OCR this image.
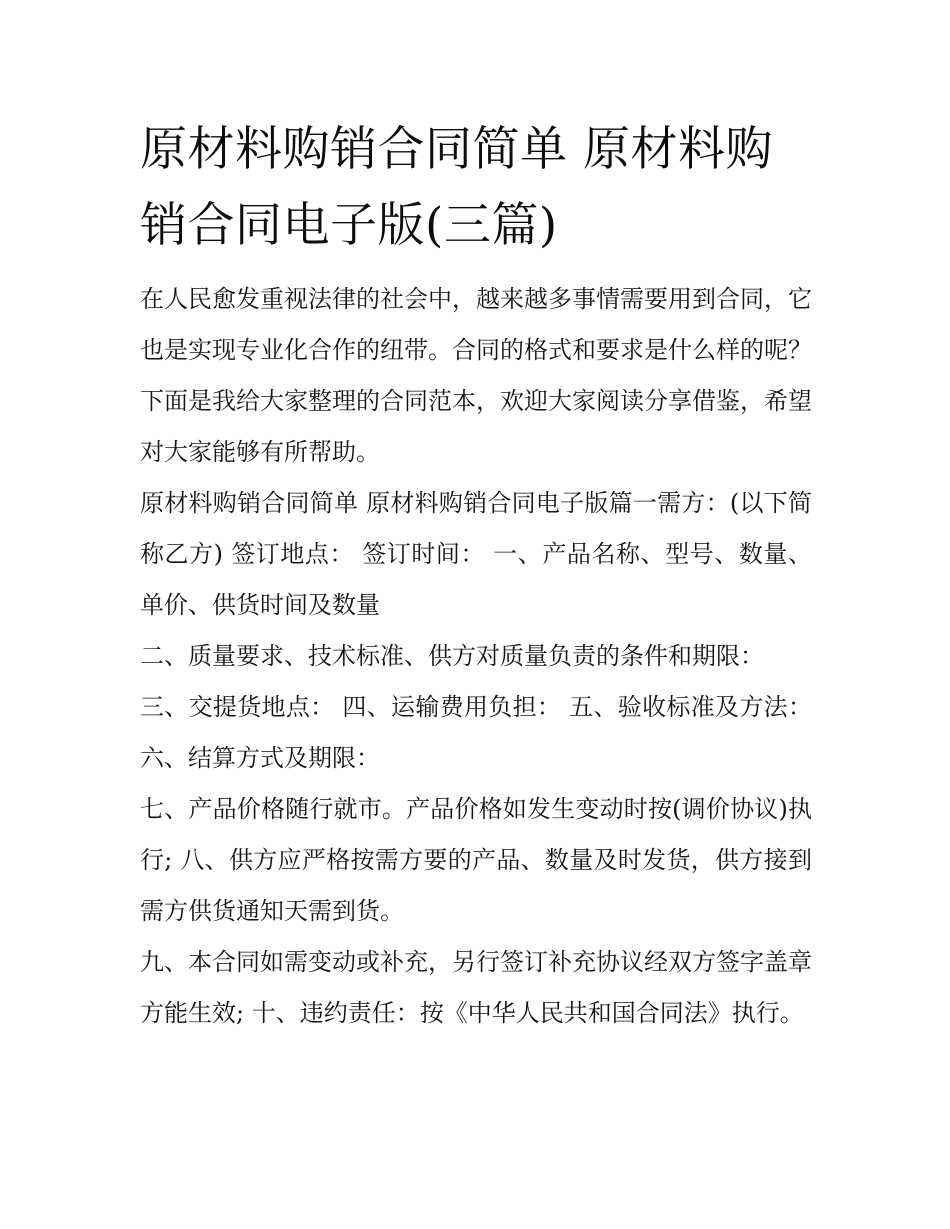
原材料购销合同简单 原材料购销合同电子版(三篇)

在人民愈发重视法律的社会中，越来越多事情需要用到合同，它也是实现专业化合作的纽带。合同的格式和要求是什么样的呢？下面是我给大家整理的合同范本，欢迎大家阅读分享借鉴，希望对大家能够有所帮助。

原材料购销合同简单 原材料购销合同电子版篇一需方：(以下简称乙方) 签订地点： 签订时间： 一、产品名称、型号、数量、单价、供货时间及数量

二、质量要求、技术标准、供方对质量负责的条件和期限：

三、交提货地点： 四、运输费用负担： 五、验收标准及方法： 六、结算方式及期限：

七、产品价格随行就市。产品价格如发生变动时按(调价协议)执行; 八、供方应严格按需方要的产品、数量及时发货，供方接到需方供货通知天需到货。

九、本合同如需变动或补充，另行签订补充协议经双方签字盖章方能生效; 十、违约责任：按《中华人民共和国合同法》执行。
